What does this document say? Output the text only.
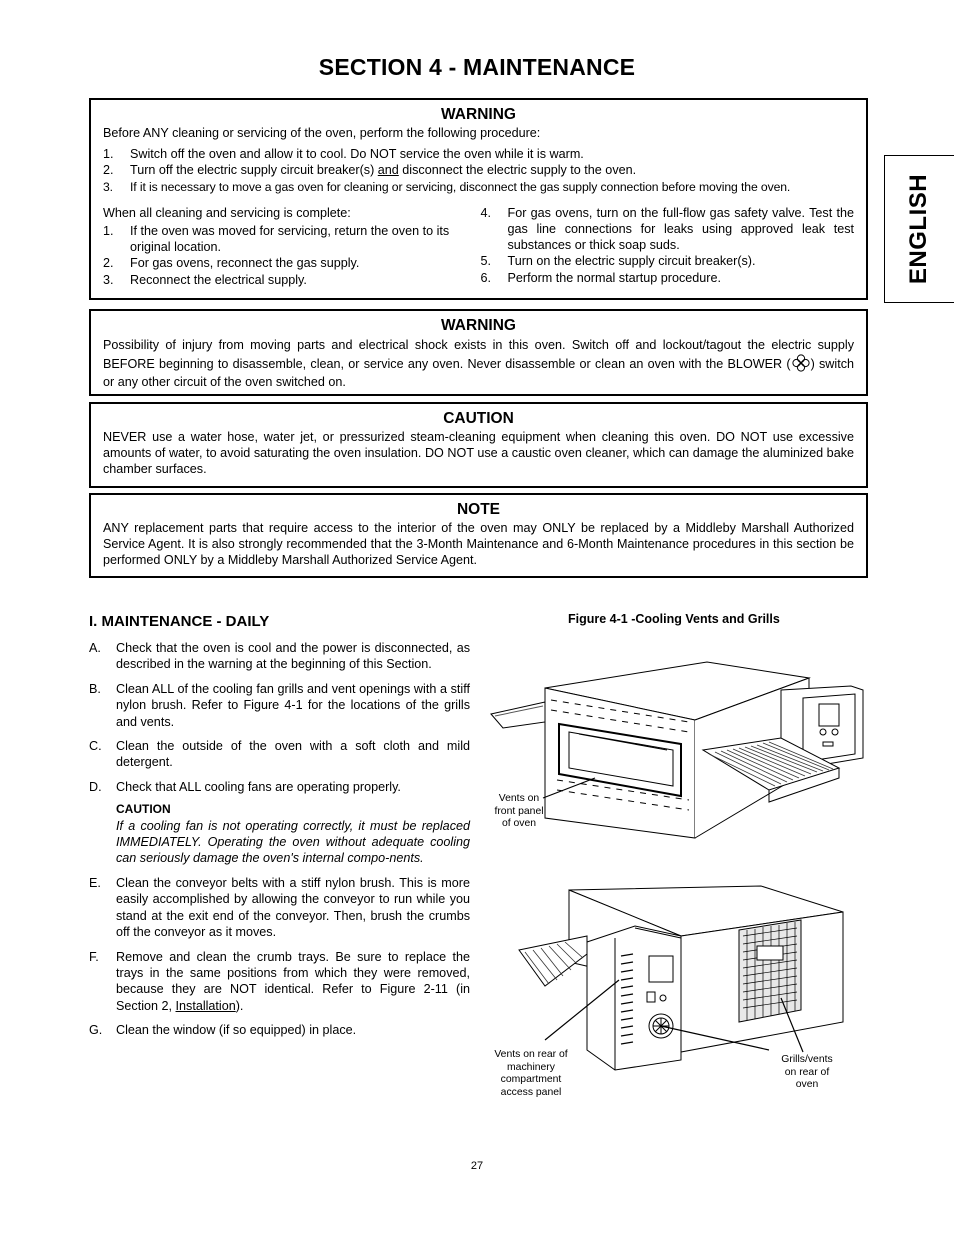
SECTION 4 - MAINTENANCE
ENGLISH
WARNING

Before ANY cleaning or servicing of the oven, perform the following procedure:

1. Switch off the oven and allow it to cool. Do NOT service the oven while it is warm.
2. Turn off the electric supply circuit breaker(s) and disconnect the electric supply to the oven.
3. If it is necessary to move a gas oven for cleaning or servicing, disconnect the gas supply connection before moving the oven.

When all cleaning and servicing is complete:

1. If the oven was moved for servicing, return the oven to its original location.
2. For gas ovens, reconnect the gas supply.
3. Reconnect the electrical supply.
4. For gas ovens, turn on the full-flow gas safety valve. Test the gas line connections for leaks using approved leak test substances or thick soap suds.
5. Turn on the electric supply circuit breaker(s).
6. Perform the normal startup procedure.
WARNING

Possibility of injury from moving parts and electrical shock exists in this oven. Switch off and lockout/tagout the electric supply BEFORE beginning to disassemble, clean, or service any oven. Never disassemble or clean an oven with the BLOWER ( ) switch or any other circuit of the oven switched on.

CAUTION

NEVER use a water hose, water jet, or pressurized steam-cleaning equipment when cleaning this oven. DO NOT use excessive amounts of water, to avoid saturating the oven insulation. DO NOT use a caustic oven cleaner, which can damage the aluminized bake chamber surfaces.

NOTE

ANY replacement parts that require access to the interior of the oven may ONLY be replaced by a Middleby Marshall Authorized Service Agent. It is also strongly recommended that the 3-Month Maintenance and 6-Month Maintenance procedures in this section be performed ONLY by a Middleby Marshall Authorized Service Agent.

I. MAINTENANCE - DAILY
A. Check that the oven is cool and the power is disconnected, as described in the warning at the beginning of this Section.
B. Clean ALL of the cooling fan grills and vent openings with a stiff nylon brush. Refer to Figure 4-1 for the locations of the grills and vents.
C. Clean the outside of the oven with a soft cloth and mild detergent.
D. Check that ALL cooling fans are operating properly.
CAUTION
If a cooling fan is not operating correctly, it must be replaced IMMEDIATELY. Operating the oven without adequate cooling can seriously damage the oven's internal compo-nents.
E. Clean the conveyor belts with a stiff nylon brush. This is more easily accomplished by allowing the conveyor to run while you stand at the exit end of the conveyor. Then, brush the crumbs off the conveyor as it moves.
F. Remove and clean the crumb trays. Be sure to replace the trays in the same positions from which they were removed, because they are NOT identical. Refer to Figure 2-11 (in Section 2, Installation).
G. Clean the window (if so equipped) in place.
Figure 4-1 -Cooling Vents and Grills
Vents on
front panel
of oven
Vents on rear of
machinery
compartment
access panel
Grills/vents
on rear of
oven
27
